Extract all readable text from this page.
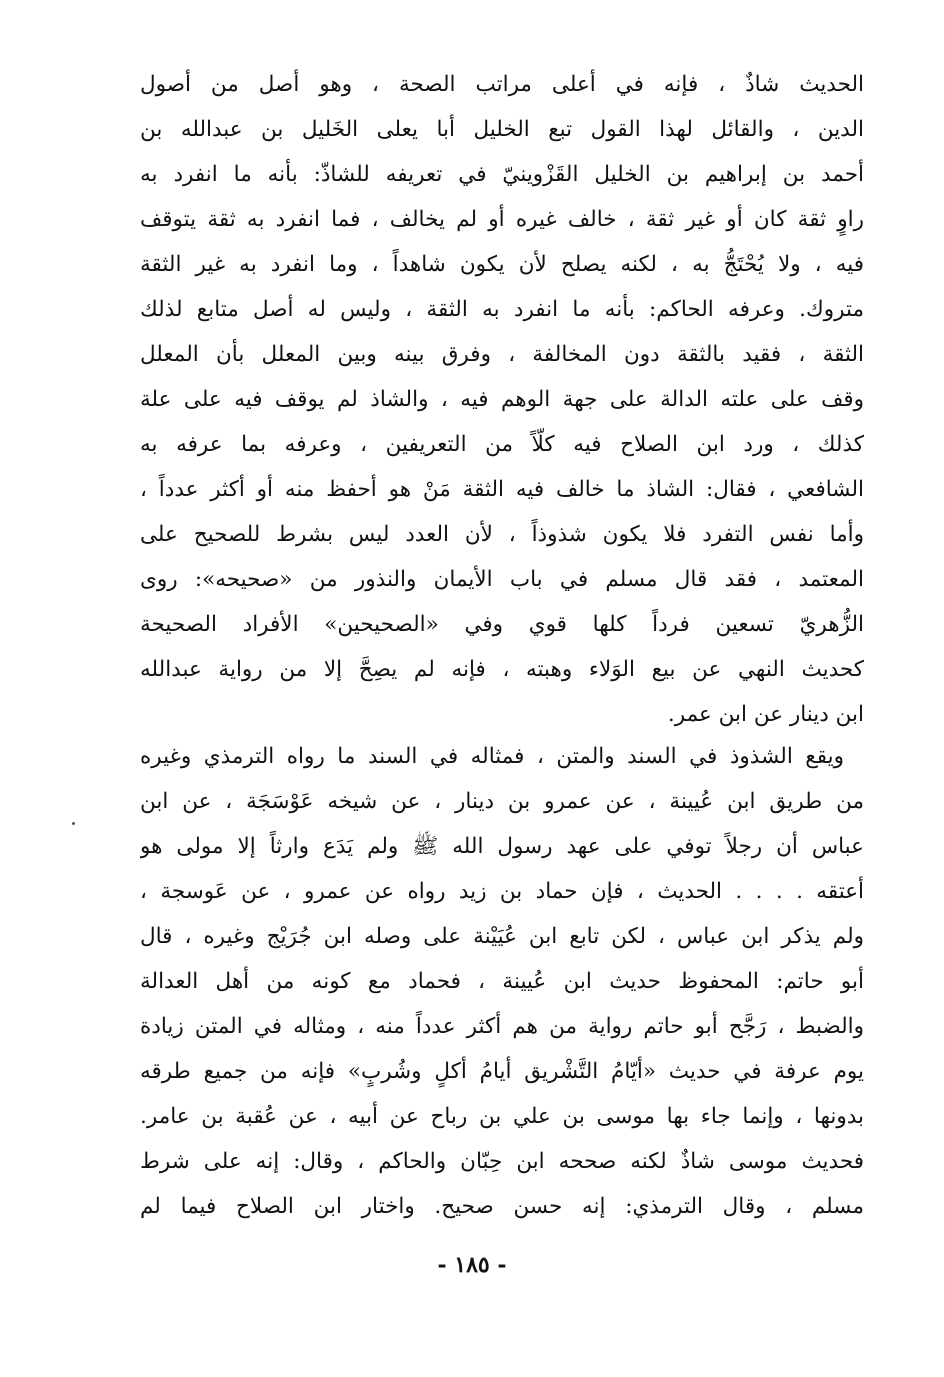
الحديث شاذٌ ، فإنه في أعلى مراتب الصحة ، وهو أصل من أصول
الدين ، والقائل لهذا القول تبع الخليل أبا يعلى الخَليل بن عبدالله بن
أحمد بن إبراهيم بن الخليل القَزْوينيّ في تعريفه للشاذّ: بأنه ما انفرد به
راوٍ ثقة كان أو غير ثقة ، خالف غيره أو لم يخالف ، فما انفرد به ثقة يتوقف
فيه ، ولا يُحْتَجُّ به ، لكنه يصلح لأن يكون شاهداً ، وما انفرد به غير الثقة
متروك. وعرفه الحاكم: بأنه ما انفرد به الثقة ، وليس له أصل متابع لذلك
الثقة ، فقيد بالثقة دون المخالفة ، وفرق بينه وبين المعلل بأن المعلل
وقف على علته الدالة على جهة الوهم فيه ، والشاذ لم يوقف فيه على علة
كذلك ، ورد ابن الصلاح فيه كلّاً من التعريفين ، وعرفه بما عرفه به
الشافعي ، فقال: الشاذ ما خالف فيه الثقة مَنْ هو أحفظ منه أو أكثر عدداً ،
وأما نفس التفرد فلا يكون شذوذاً ، لأن العدد ليس بشرط للصحيح على
المعتمد ، فقد قال مسلم في باب الأيمان والنذور من «صحيحه»: روى
الزُّهريّ تسعين فرداً كلها قوي وفي «الصحيحين» الأفراد الصحيحة
كحديث النهي عن بيع الوَلاء وهبته ، فإنه لم يصِحَّ إلا من رواية عبدالله
ابن دينار عن ابن عمر.
ويقع الشذوذ في السند والمتن ، فمثاله في السند ما رواه الترمذي وغيره
من طريق ابن عُيينة ، عن عمرو بن دينار ، عن شيخه عَوْسَجَة ، عن ابن
عباس أن رجلاً توفي على عهد رسول الله ﷺ ولم يَدَع وارثاً إلا مولى هو
أعتقه . . . . الحديث ، فإن حماد بن زيد رواه عن عمرو ، عن عَوسجة ،
ولم يذكر ابن عباس ، لكن تابع ابن عُيَيْنة على وصله ابن جُرَيْج وغيره ، قال
أبو حاتم: المحفوظ حديث ابن عُيينة ، فحماد مع كونه من أهل العدالة
والضبط ، رَجَّح أبو حاتم رواية من هم أكثر عدداً منه ، ومثاله في المتن زيادة
يوم عرفة في حديث «أيّامُ التَّشْريق أيامُ أكلٍ وشُربٍ» فإنه من جميع طرقه
بدونها ، وإنما جاء بها موسى بن علي بن رباح عن أبيه ، عن عُقبة بن عامر.
فحديث موسى شاذٌ لكنه صححه ابن حِبّان والحاكم ، وقال: إنه على شرط
مسلم ، وقال الترمذي: إنه حسن صحيح. واختار ابن الصلاح فيما لم
- ١٨٥ -
